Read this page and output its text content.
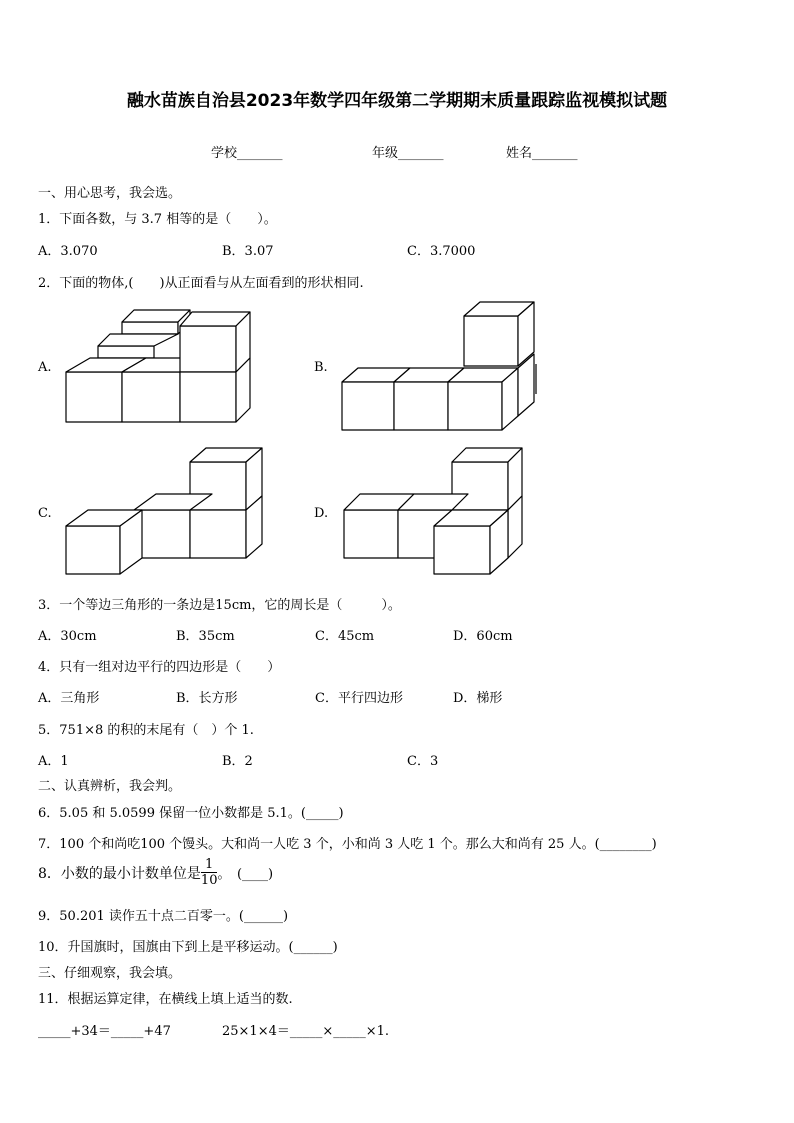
融水苗族自治县2023年数学四年级第二学期期末质量跟踪监视模拟试题
学校_______	年级_______	姓名_______
一、用心思考，我会选。
1．下面各数，与 3.7 相等的是（　　）。
A．3.070	B．3.07	C．3.7000
2．下面的物体,(　　)从正面看与从左面看到的形状相同.
A.	B.
C.	D.
3．一个等边三角形的一条边是15cm，它的周长是（　　　）。
A．30cm	B．35cm	C．45cm	D．60cm
4．只有一组对边平行的四边形是（　　）
A．三角形	B．长方形	C．平行四边形	D．梯形
5．751×8 的积的末尾有（　）个 1.
A．1	B．2	C．3
二、认真辨析，我会判。
6．5.05 和 5.0599 保留一位小数都是 5.1。(_____)
7．100 个和尚吃100 个馒头。大和尚一人吃 3 个，小和尚 3 人吃 1 个。那么大和尚有 25 人。(________)
8．小数的最小计数单位是 $\frac{1}{10}$ 。　(____)
9．50.201 读作五十点二百零一。(______)
10．升国旗时，国旗由下到上是平移运动。(______)
三、仔细观察，我会填。
11．根据运算定律，在横线上填上适当的数.
_____+34＝_____+47	25×1×4＝_____×_____×1.
